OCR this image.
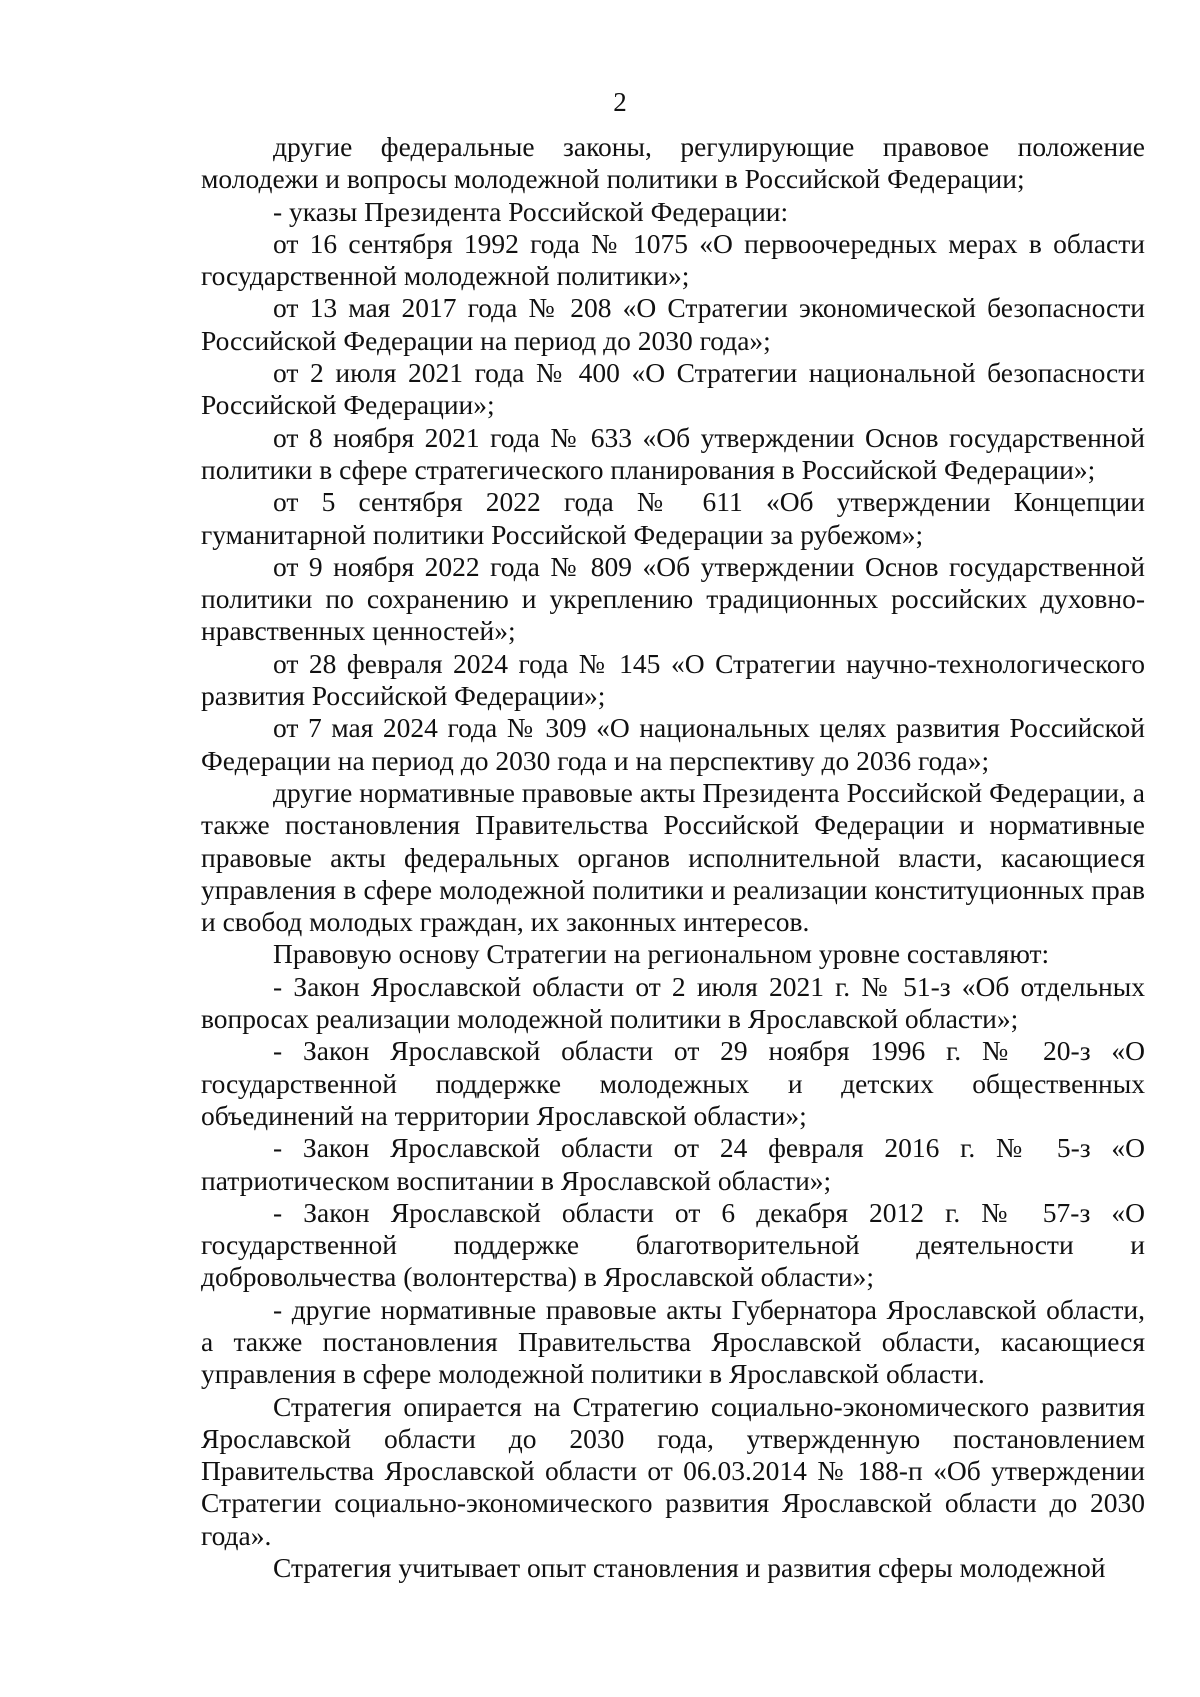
2

другие федеральные законы, регулирующие правовое положение молодежи и вопросы молодежной политики в Российской Федерации;

- указы Президента Российской Федерации:

от 16 сентября 1992 года № 1075 «О первоочередных мерах в области государственной молодежной политики»;

от 13 мая 2017 года № 208 «О Стратегии экономической безопасности Российской Федерации на период до 2030 года»;

от 2 июля 2021 года № 400 «О Стратегии национальной безопасности Российской Федерации»;

от 8 ноября 2021 года № 633 «Об утверждении Основ государственной политики в сфере стратегического планирования в Российской Федерации»;

от 5 сентября 2022 года № 611 «Об утверждении Концепции гуманитарной политики Российской Федерации за рубежом»;

от 9 ноября 2022 года № 809 «Об утверждении Основ государственной политики по сохранению и укреплению традиционных российских духовно-нравственных ценностей»;

от 28 февраля 2024 года № 145 «О Стратегии научно-технологического развития Российской Федерации»;

от 7 мая 2024 года № 309 «О национальных целях развития Российской Федерации на период до 2030 года и на перспективу до 2036 года»;

другие нормативные правовые акты Президента Российской Федерации, а также постановления Правительства Российской Федерации и нормативные правовые акты федеральных органов исполнительной власти, касающиеся управления в сфере молодежной политики и реализации конституционных прав и свобод молодых граждан, их законных интересов.

Правовую основу Стратегии на региональном уровне составляют:

- Закон Ярославской области от 2 июля 2021 г. № 51-з «Об отдельных вопросах реализации молодежной политики в Ярославской области»;

- Закон Ярославской области от 29 ноября 1996 г. № 20-з «О государственной поддержке молодежных и детских общественных объединений на территории Ярославской области»;

- Закон Ярославской области от 24 февраля 2016 г. № 5-з «О патриотическом воспитании в Ярославской области»;

- Закон Ярославской области от 6 декабря 2012 г. № 57-з «О государственной поддержке благотворительной деятельности и добровольчества (волонтерства) в Ярославской области»;

- другие нормативные правовые акты Губернатора Ярославской области, а также постановления Правительства Ярославской области, касающиеся управления в сфере молодежной политики в Ярославской области.

Стратегия опирается на Стратегию социально-экономического развития Ярославской области до 2030 года, утвержденную постановлением Правительства Ярославской области от 06.03.2014 № 188-п «Об утверждении Стратегии социально-экономического развития Ярославской области до 2030 года».

Стратегия учитывает опыт становления и развития сферы молодежной
